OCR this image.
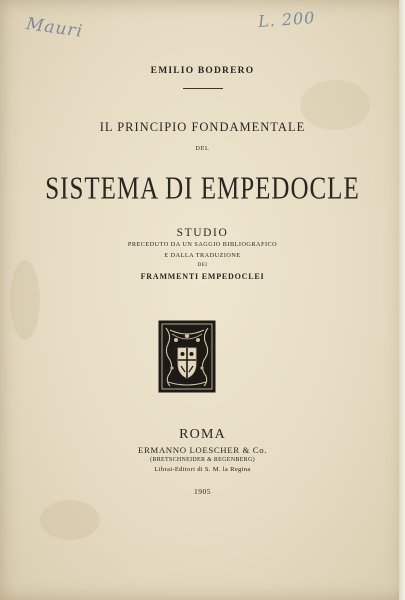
Mauri	L. 200
EMILIO BODRERO
IL PRINCIPIO FONDAMENTALE
DEL
SISTEMA DI EMPEDOCLE
STUDIO
PRECEDUTO DA UN SAGGIO BIBLIOGRAFICO
E DALLA TRADUZIONE
DEI
FRAMMENTI EMPEDOCLEI
ROMA
ERMANNO LOESCHER & Co.
(BRETSCHNEIDER & REGENBERG)
Librai-Editori di S. M. la Regina
1905
